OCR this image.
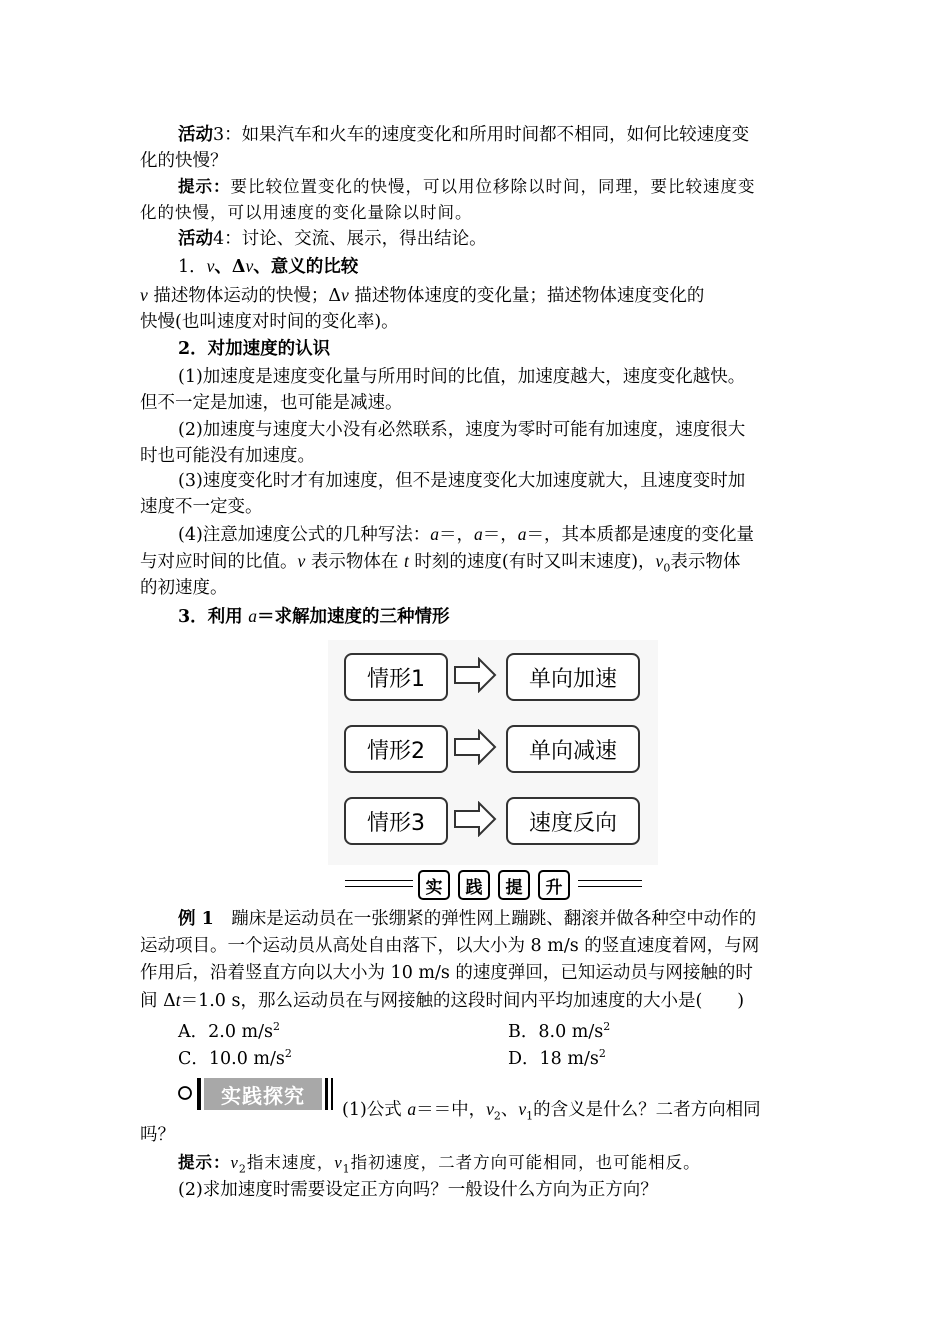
活动3：如果汽车和火车的速度变化和所用时间都不相同，如何比较速度变
化的快慢？
提示：要比较位置变化的快慢，可以用位移除以时间，同理，要比较速度变
化的快慢，可以用速度的变化量除以时间。
活动4：讨论、交流、展示，得出结论。
1．v、Δv、意义的比较
v 描述物体运动的快慢；Δv 描述物体速度的变化量；描述物体速度变化的
快慢(也叫速度对时间的变化率)。
2．对加速度的认识
(1)加速度是速度变化量与所用时间的比值，加速度越大，速度变化越快。
但不一定是加速，也可能是减速。
(2)加速度与速度大小没有必然联系，速度为零时可能有加速度，速度很大
时也可能没有加速度。
(3)速度变化时才有加速度，但不是速度变化大加速度就大，且速度变时加
速度不一定变。
(4)注意加速度公式的几种写法：a＝，a＝，a＝，其本质都是速度的变化量
与对应时间的比值。v 表示物体在 t 时刻的速度(有时又叫末速度)，$v_0$表示物体
的初速度。
3．利用 a＝求解加速度的三种情形
情形1	单向加速
情形2	单向减速
情形3	速度反向
实	践	提	升
例 1　 蹦床是运动员在一张绷紧的弹性网上蹦跳、翻滚并做各种空中动作的
运动项目。一个运动员从高处自由落下，以大小为 8 m/s 的竖直速度着网，与网
作用后，沿着竖直方向以大小为 10 m/s 的速度弹回，已知运动员与网接触的时
间 Δt＝1.0 s，那么运动员在与网接触的这段时间内平均加速度的大小是(　　)
A．2.0 $m/s^2$	B．8.0 $m/s^2$
C．10.0 $m/s^2$	D．18 $m/s^2$
实践探究
(1)公式 a＝＝中，$v_2$、$v_1$的含义是什么？二者方向相同
吗？
提示：$v_2$指末速度，$v_1$指初速度，二者方向可能相同，也可能相反。
(2)求加速度时需要设定正方向吗？一般设什么方向为正方向？
